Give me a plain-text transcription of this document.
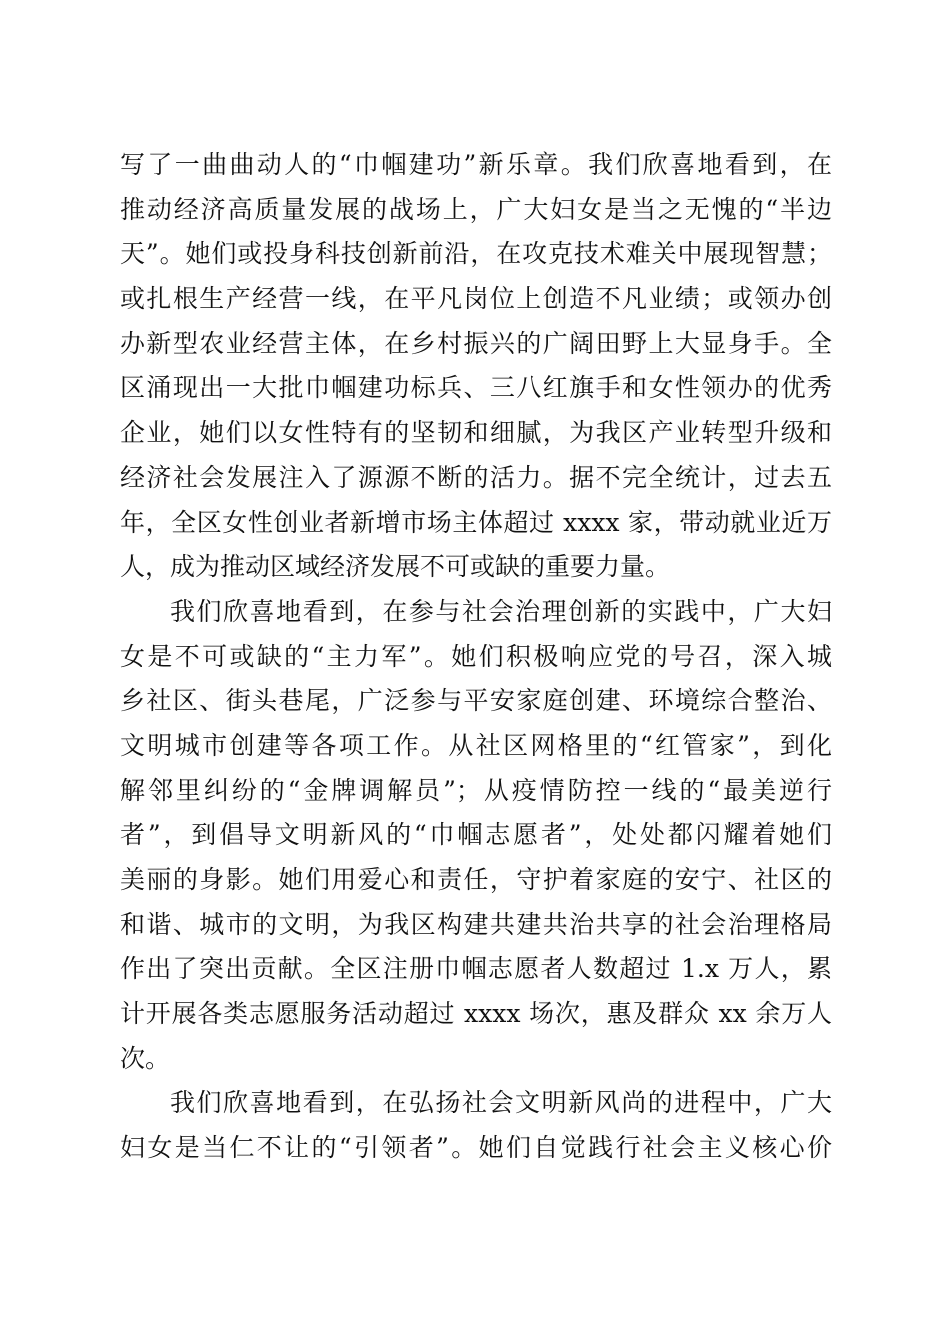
写了一曲曲动人的“巾帼建功”新乐章。我们欣喜地看到，在
推动经济高质量发展的战场上，广大妇女是当之无愧的“半边
天”。她们或投身科技创新前沿，在攻克技术难关中展现智慧；
或扎根生产经营一线，在平凡岗位上创造不凡业绩；或领办创
办新型农业经营主体，在乡村振兴的广阔田野上大显身手。全
区涌现出一大批巾帼建功标兵、三八红旗手和女性领办的优秀
企业，她们以女性特有的坚韧和细腻，为我区产业转型升级和
经济社会发展注入了源源不断的活力。据不完全统计，过去五
年，全区女性创业者新增市场主体超过 xxxx 家，带动就业近万
人，成为推动区域经济发展不可或缺的重要力量。
我们欣喜地看到，在参与社会治理创新的实践中，广大妇
女是不可或缺的“主力军”。她们积极响应党的号召，深入城
乡社区、街头巷尾，广泛参与平安家庭创建、环境综合整治、
文明城市创建等各项工作。从社区网格里的“红管家”，到化
解邻里纠纷的“金牌调解员”；从疫情防控一线的“最美逆行
者”，到倡导文明新风的“巾帼志愿者”，处处都闪耀着她们
美丽的身影。她们用爱心和责任，守护着家庭的安宁、社区的
和谐、城市的文明，为我区构建共建共治共享的社会治理格局
作出了突出贡献。全区注册巾帼志愿者人数超过 1.x 万人，累
计开展各类志愿服务活动超过 xxxx 场次，惠及群众 xx 余万人
次。
我们欣喜地看到，在弘扬社会文明新风尚的进程中，广大
妇女是当仁不让的“引领者”。她们自觉践行社会主义核心价
